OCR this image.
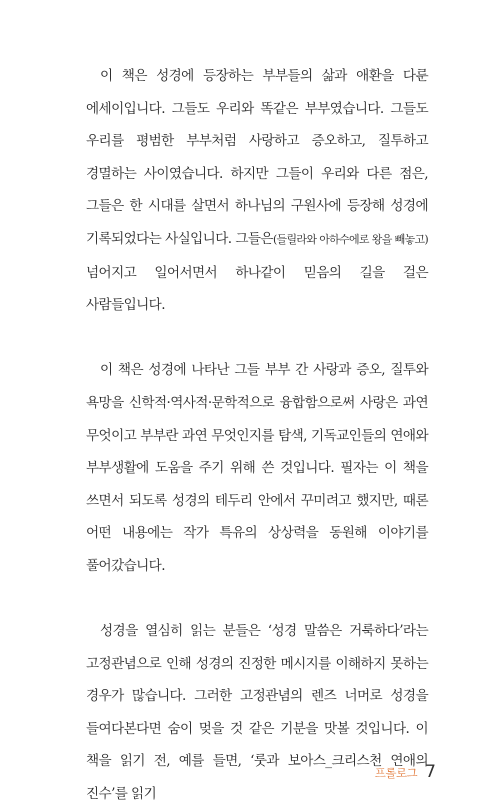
이 책은 성경에 등장하는 부부들의 삶과 애환을 다룬 에세이입니다. 그들도 우리와 똑같은 부부였습니다. 그들도 우리를 평범한 부부처럼 사랑하고 증오하고, 질투하고 경멸하는 사이였습니다. 하지만 그들이 우리와 다른 점은, 그들은 한 시대를 살면서 하나님의 구원사에 등장해 성경에 기록되었다는 사실입니다. 그들은(들릴라와 아하수에로 왕을 빼놓고) 넘어지고 일어서면서 하나같이 믿음의 길을 걸은 사람들입니다.

이 책은 성경에 나타난 그들 부부 간 사랑과 증오, 질투와 욕망을 신학적·역사적·문학적으로 융합함으로써 사랑은 과연 무엇이고 부부란 과연 무엇인지를 탐색, 기독교인들의 연애와 부부생활에 도움을 주기 위해 쓴 것입니다. 필자는 이 책을 쓰면서 되도록 성경의 테두리 안에서 꾸미려고 했지만, 때론 어떤 내용에는 작가 특유의 상상력을 동원해 이야기를 풀어갔습니다.

성경을 열심히 읽는 분들은 ‘성경 말씀은 거룩하다’라는 고정관념으로 인해 성경의 진정한 메시지를 이해하지 못하는 경우가 많습니다. 그러한 고정관념의 렌즈 너머로 성경을 들여다본다면 숨이 멎을 것 같은 기분을 맛볼 것입니다. 이 책을 읽기 전, 예를 들면, ‘룻과 보아스_크리스천 연애의 진수’를 읽기

프롤로그 7
